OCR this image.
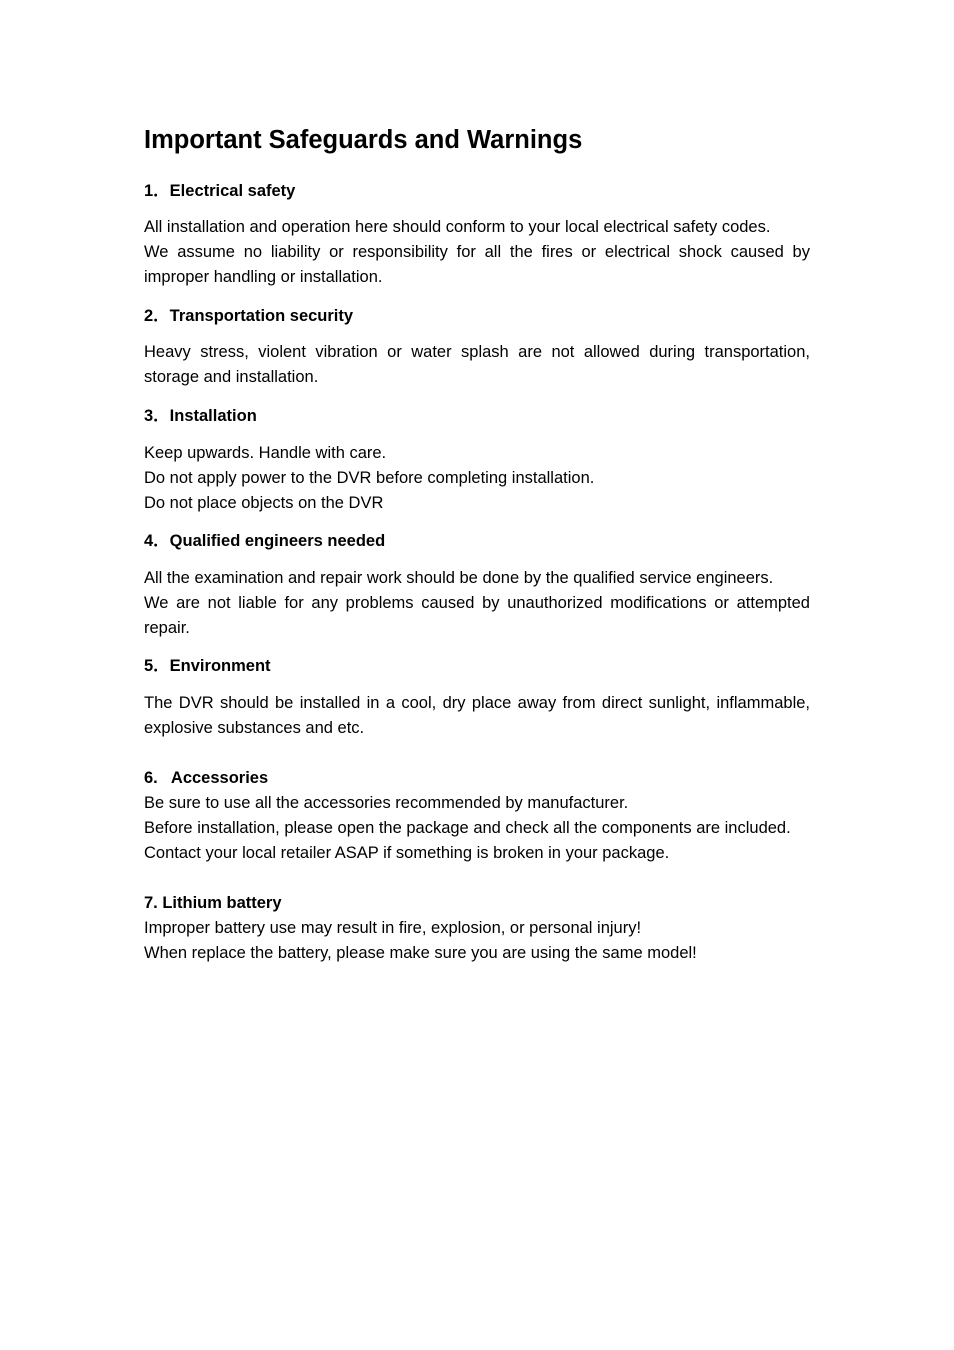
Important Safeguards and Warnings
1．Electrical safety
All installation and operation here should conform to your local electrical safety codes.
We assume no liability or responsibility for all the fires or electrical shock caused by
improper handling or installation.
2．Transportation security
Heavy stress, violent vibration or water splash are not allowed during transportation,
storage and installation.
3．Installation
Keep upwards. Handle with care.
Do not apply power to the DVR before completing installation.
Do not place objects on the DVR
4．Qualified engineers needed
All the examination and repair work should be done by the qualified service engineers.
We are not liable for any problems caused by unauthorized modifications or attempted
repair.
5．Environment
The DVR should be installed in a cool, dry place away from direct sunlight, inflammable,
explosive substances and etc.
6.   Accessories
Be sure to use all the accessories recommended by manufacturer.
Before installation, please open the package and check all the components are included.
Contact your local retailer ASAP if something is broken in your package.
7. Lithium battery
Improper battery use may result in fire, explosion, or personal injury!
When replace the battery, please make sure you are using the same model!
